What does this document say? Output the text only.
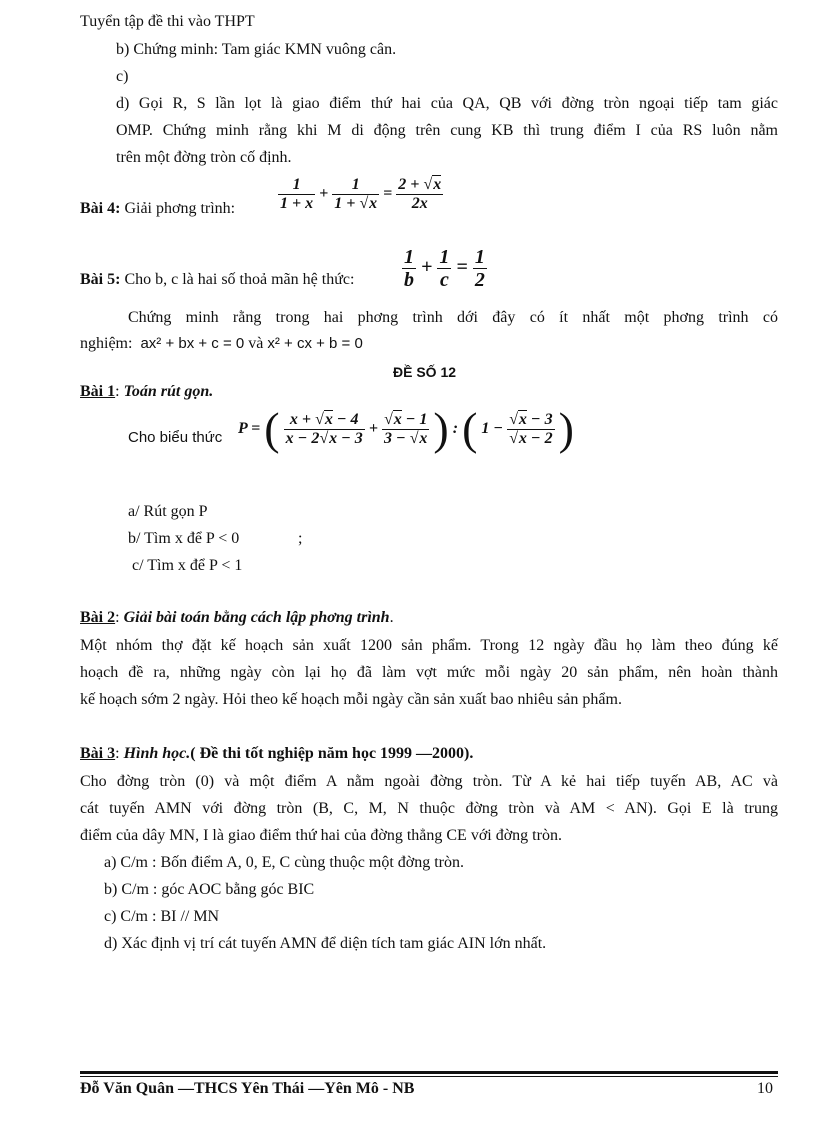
Tuyển tập đề thi vào THPT
b) Chứng minh: Tam giác KMN vuông cân.
c)
d) Gọi R, S lần lọt là giao điểm thứ hai của QA, QB với đờng tròn ngoại tiếp tam giác
OMP. Chứng minh rằng khi M di động trên cung KB thì trung điểm I của RS luôn nằm
trên một đờng tròn cố định.
Bài 4: Giải phơng trình:	$\frac{1}{1 + x} + \frac{1}{1 + √x} = \frac{2 + √x}{2x}$
Bài 5: Cho b, c là hai số thoả mãn hệ thức: $\frac{1}{b} + \frac{1}{c} = \frac{1}{2}$
Chứng minh rằng trong hai phơng trình dới đây có ít nhất một phơng trình có
nghiệm: ax² + bx + c = 0 và x² + cx + b = 0
ĐỀ SỐ 12
Bài 1: Toán rút gọn.
Cho biểu thức
P = ( $\frac{x + √x - 4}{x - 2√x - 3} + \frac{√x - 1}{3 - √x}$ ) : ( $1 - \frac{√x - 3}{√x - 2}$ )
a/ Rút gọn P
b/ Tìm x để P < 0	;
c/ Tìm x để P < 1
Bài 2: Giải bài toán bằng cách lập phơng trình.
Một nhóm thợ đặt kế hoạch sản xuất 1200 sản phẩm. Trong 12 ngày đầu họ làm theo đúng kế
hoạch đề ra, những ngày còn lại họ đã làm vợt mức mỗi ngày 20 sản phẩm, nên hoàn thành
kế hoạch sớm 2 ngày. Hỏi theo kế hoạch mỗi ngày cần sản xuất bao nhiêu sản phẩm.
Bài 3: Hình học.( Đề thi tốt nghiệp năm học 1999 —2000).
Cho đờng tròn (0) và một điểm A nằm ngoài đờng tròn. Từ A kẻ hai tiếp tuyến AB, AC và
cát tuyến AMN với đờng tròn (B, C, M, N thuộc đờng tròn và AM < AN). Gọi E là trung
điểm của dây MN, I là giao điểm thứ hai của đờng thẳng CE với đờng tròn.
a) C/m : Bốn điểm A, 0, E, C cùng thuộc một đờng tròn.
b) C/m : góc AOC bằng góc BIC
c) C/m : BI // MN
d) Xác định vị trí cát tuyến AMN để diện tích tam giác AIN lớn nhất.
Đỗ Văn Quân —THCS Yên Thái —Yên Mô - NB	10
